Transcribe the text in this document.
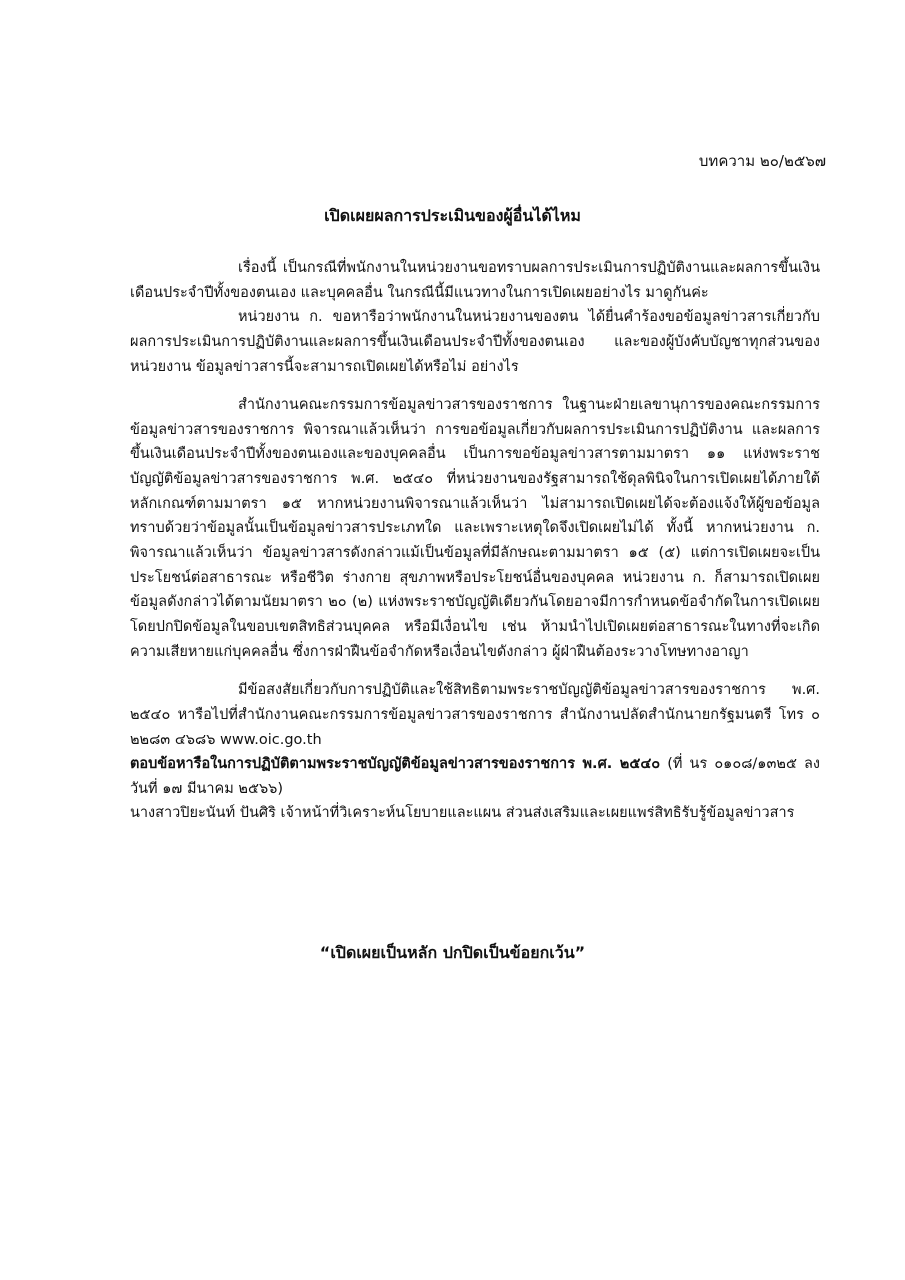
บทความ ๒๐/๒๕๖๗
เปิดเผยผลการประเมินของผู้อื่นได้ไหม

เรื่องนี้ เป็นกรณีที่พนักงานในหน่วยงานขอทราบผลการประเมินการปฏิบัติงานและผลการขึ้นเงินเดือนประจำปีทั้งของตนเอง และบุคคลอื่น ในกรณีนี้มีแนวทางในการเปิดเผยอย่างไร มาดูกันค่ะ

หน่วยงาน ก. ขอหารือว่าพนักงานในหน่วยงานของตน ได้ยื่นคำร้องขอข้อมูลข่าวสารเกี่ยวกับผลการประเมินการปฏิบัติงานและผลการขึ้นเงินเดือนประจำปีทั้งของตนเอง และของผู้บังคับบัญชาทุกส่วนของหน่วยงาน ข้อมูลข่าวสารนี้จะสามารถเปิดเผยได้หรือไม่ อย่างไร

สำนักงานคณะกรรมการข้อมูลข่าวสารของราชการ ในฐานะฝ่ายเลขานุการของคณะกรรมการข้อมูลข่าวสารของราชการ พิจารณาแล้วเห็นว่า การขอข้อมูลเกี่ยวกับผลการประเมินการปฏิบัติงาน และผลการขึ้นเงินเดือนประจำปีทั้งของตนเองและของบุคคลอื่น เป็นการขอข้อมูลข่าวสารตามมาตรา ๑๑ แห่งพระราชบัญญัติข้อมูลข่าวสารของราชการ พ.ศ. ๒๕๔๐ ที่หน่วยงานของรัฐสามารถใช้ดุลพินิจในการเปิดเผยได้ภายใต้หลักเกณฑ์ตามมาตรา ๑๕ หากหน่วยงานพิจารณาแล้วเห็นว่า ไม่สามารถเปิดเผยได้จะต้องแจ้งให้ผู้ขอข้อมูลทราบด้วยว่าข้อมูลนั้นเป็นข้อมูลข่าวสารประเภทใด และเพราะเหตุใดจึงเปิดเผยไม่ได้ ทั้งนี้ หากหน่วยงาน ก. พิจารณาแล้วเห็นว่า ข้อมูลข่าวสารดังกล่าวแม้เป็นข้อมูลที่มีลักษณะตามมาตรา ๑๕ (๕) แต่การเปิดเผยจะเป็นประโยชน์ต่อสาธารณะ หรือชีวิต ร่างกาย สุขภาพหรือประโยชน์อื่นของบุคคล หน่วยงาน ก. ก็สามารถเปิดเผยข้อมูลดังกล่าวได้ตามนัยมาตรา ๒๐ (๒) แห่งพระราชบัญญัติเดียวกันโดยอาจมีการกำหนดข้อจำกัดในการเปิดเผยโดยปกปิดข้อมูลในขอบเขตสิทธิส่วนบุคคล หรือมีเงื่อนไข เช่น ห้ามนำไปเปิดเผยต่อสาธารณะในทางที่จะเกิดความเสียหายแก่บุคคลอื่น ซึ่งการฝ่าฝืนข้อจำกัดหรือเงื่อนไขดังกล่าว ผู้ฝ่าฝืนต้องระวางโทษทางอาญา

มีข้อสงสัยเกี่ยวกับการปฏิบัติและใช้สิทธิตามพระราชบัญญัติข้อมูลข่าวสารของราชการ พ.ศ. ๒๕๔๐ หารือไปที่สำนักงานคณะกรรมการข้อมูลข่าวสารของราชการ สำนักงานปลัดสำนักนายกรัฐมนตรี โทร ๐ ๒๒๘๓ ๔๖๘๖ www.oic.go.th

ตอบข้อหารือในการปฏิบัติตามพระราชบัญญัติข้อมูลข่าวสารของราชการ พ.ศ. ๒๕๔๐ (ที่ นร ๐๑๐๘/๑๓๒๕ ลงวันที่ ๑๗ มีนาคม ๒๕๖๖)

นางสาวปิยะนันท์ ปันศิริ เจ้าหน้าที่วิเคราะห์นโยบายและแผน ส่วนส่งเสริมและเผยแพร่สิทธิรับรู้ข้อมูลข่าวสาร

“เปิดเผยเป็นหลัก ปกปิดเป็นข้อยกเว้น”
